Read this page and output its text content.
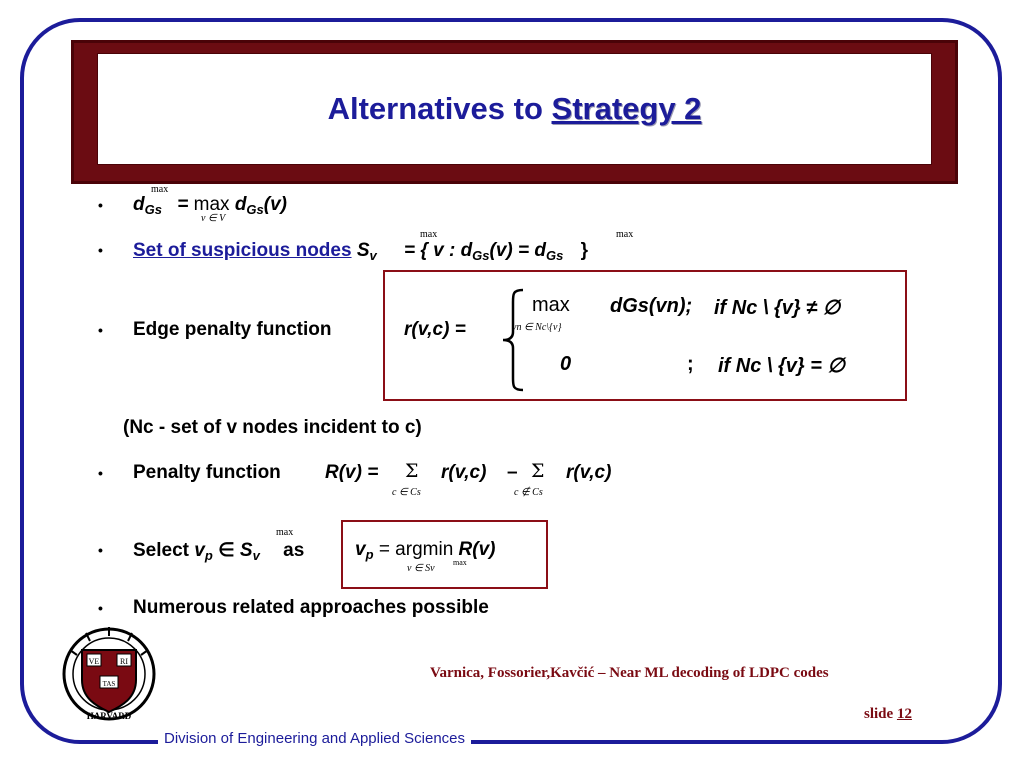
Alternatives to Strategy 2
• $d_{Gs} = \max d_{Gs}(v)$
max
v ∈ V
• Set of suspicious nodes $S_v$ = { v : $d_{Gs}(v) = d_{Gs}$ }
max	max
• Edge penalty function	r(v,c) =
max
vn ∈ Nc\{v}
dGs(vn); if Nc \ {v} ≠ ∅
0	; if Nc \ {v} = ∅
(Nc - set of v nodes incident to c)
• Penalty function R(v) = Σ
c ∈ Cs
r(v,c) – Σ
c ∉ Cs
r(v,c)
• Select $v_p$ ∈ $S_v$ as
max
$v_p = argmin$ R(v)
v ∈ Sv
max
• Numerous related approaches possible
VE	RI
TAS
HARVARD
Varnica, Fossorier,Kavčić – Near ML decoding of LDPC codes
slide 12
Division of Engineering and Applied Sciences
